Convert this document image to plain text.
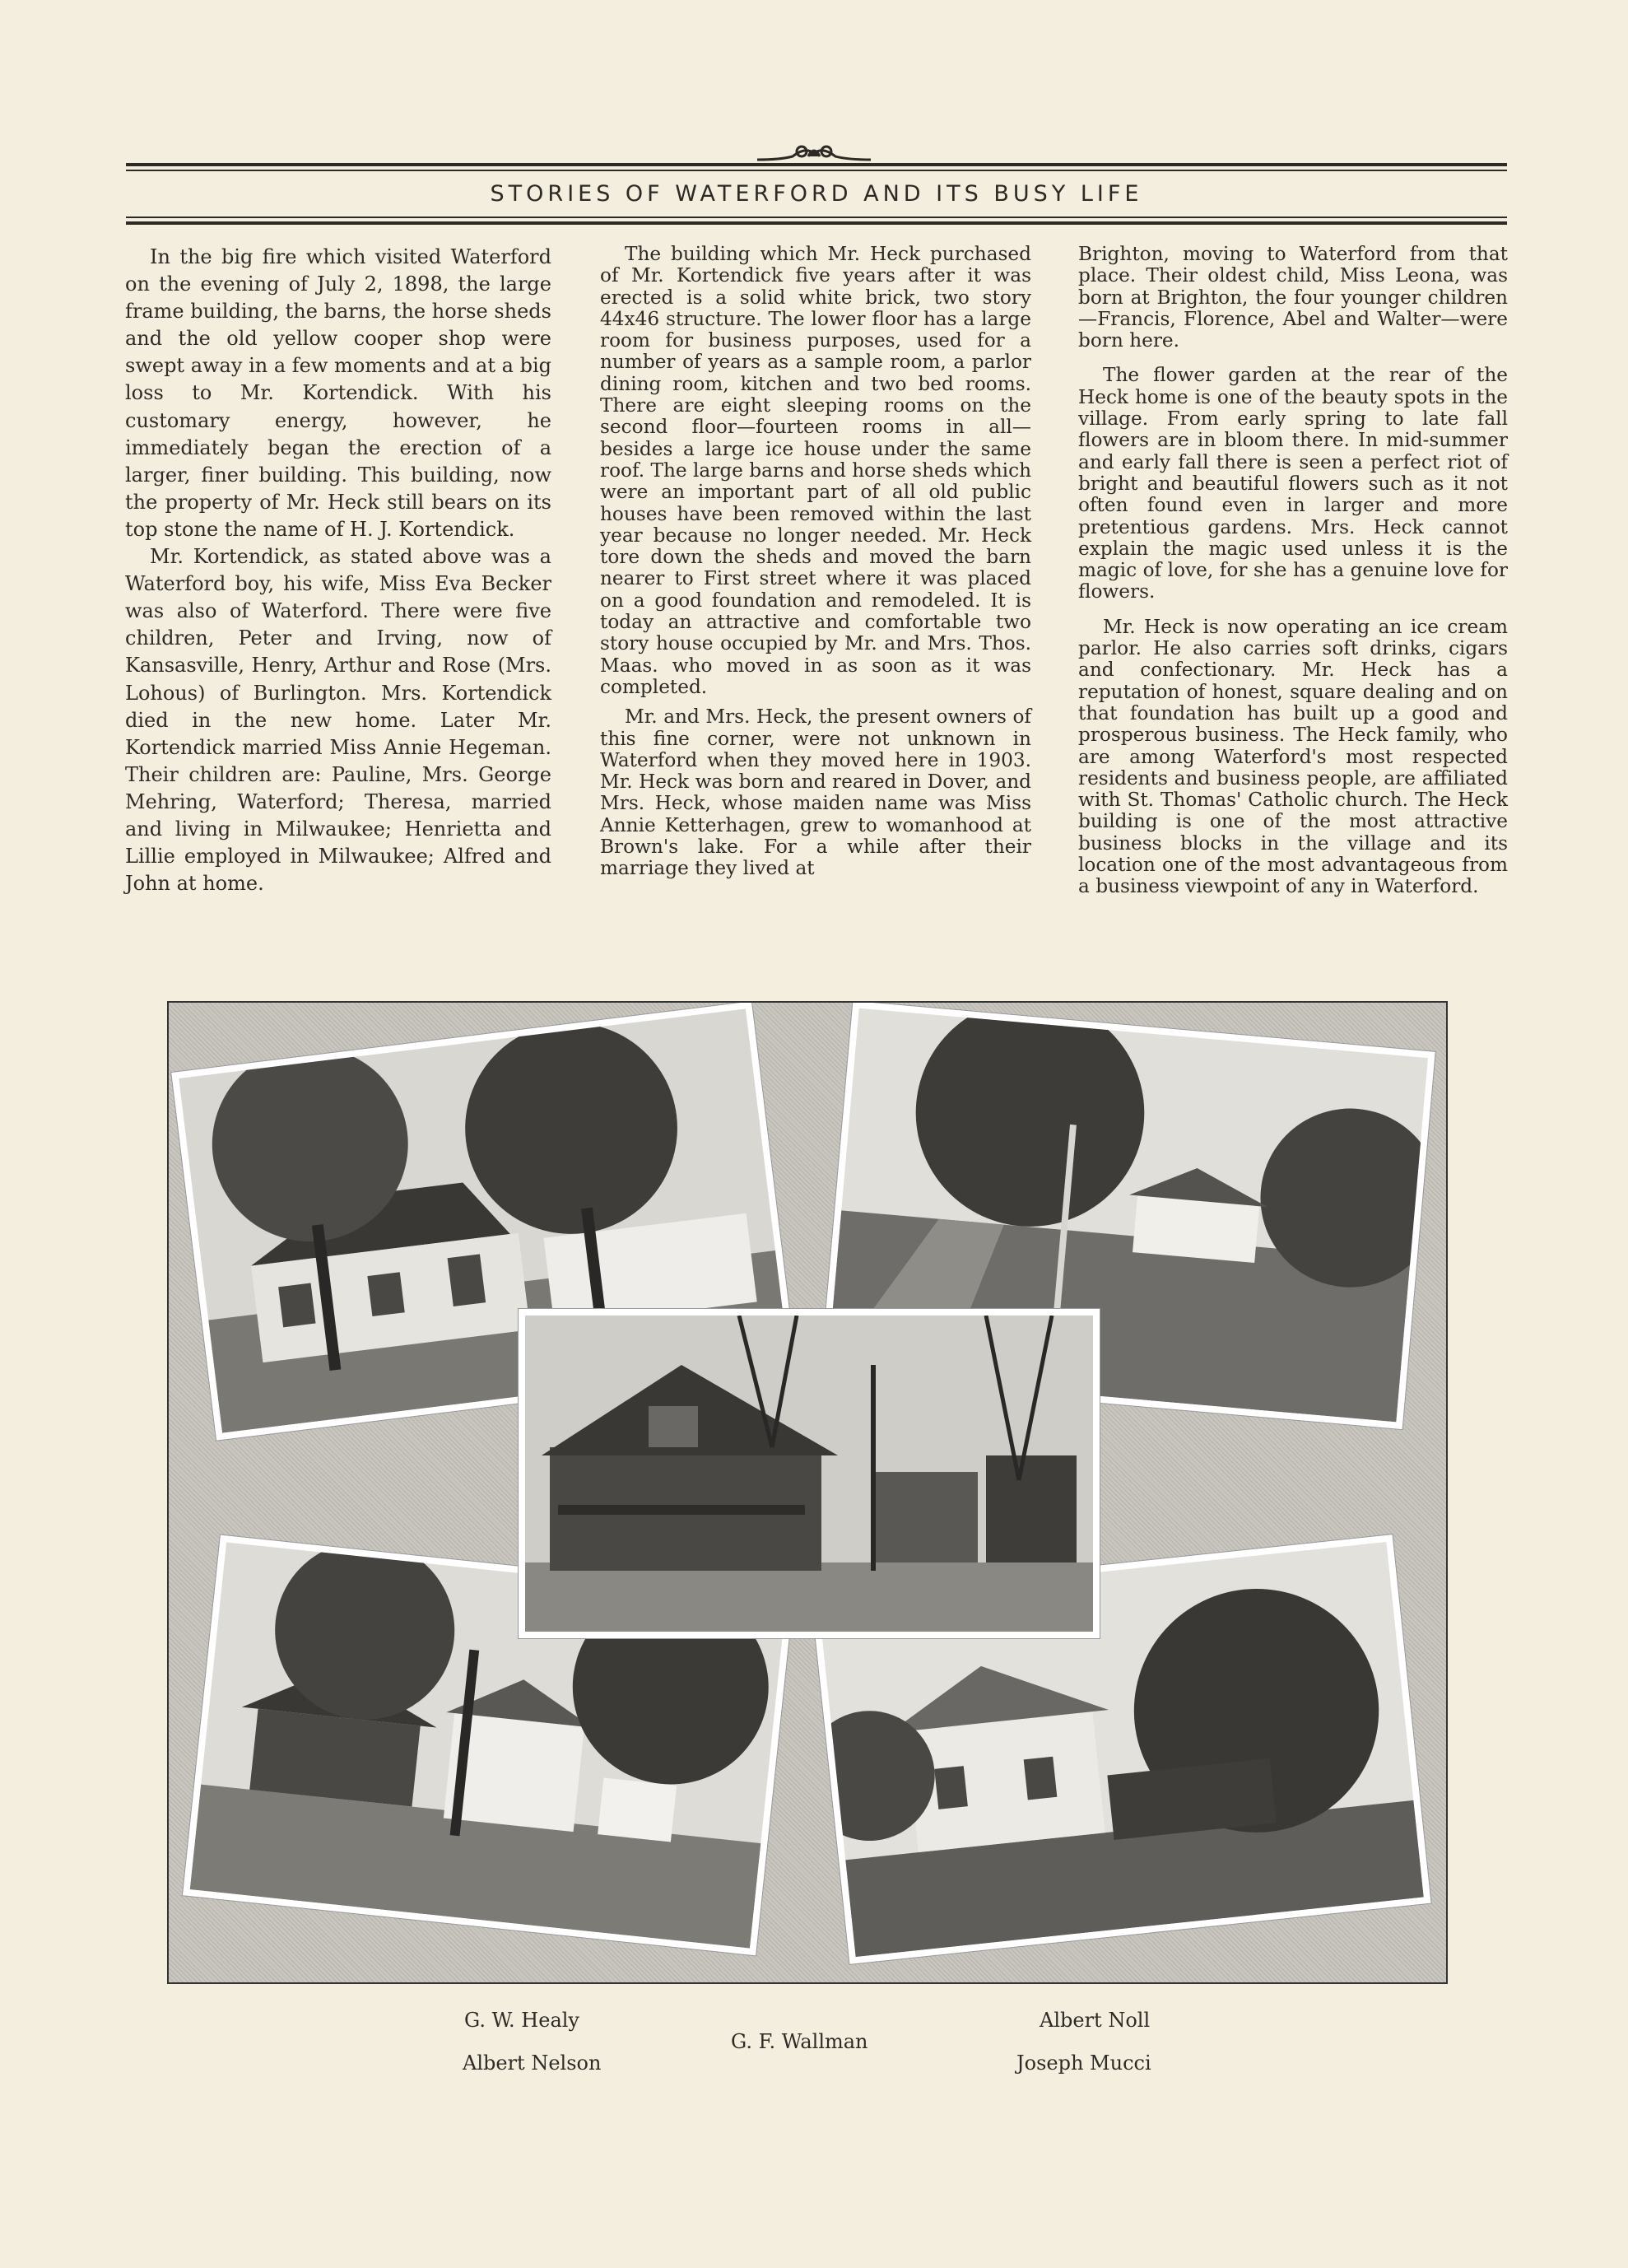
STORIES OF WATERFORD AND ITS BUSY LIFE

In the big fire which visited Waterford on the evening of July 2, 1898, the large frame building, the barns, the horse sheds and the old yellow cooper shop were swept away in a few moments and at a big loss to Mr. Kortendick. With his customary energy, however, he immediately began the erection of a larger, finer building. This building, now the property of Mr. Heck still bears on its top stone the name of H. J. Kortendick.

Mr. Kortendick, as stated above was a Waterford boy, his wife, Miss Eva Becker was also of Waterford. There were five children, Peter and Irving, now of Kansasville, Henry, Arthur and Rose (Mrs. Lohous) of Burlington. Mrs. Kortendick died in the new home. Later Mr. Kortendick married Miss Annie Hegeman. Their children are: Pauline, Mrs. George Mehring, Waterford; Theresa, married and living in Milwaukee; Henrietta and Lillie employed in Milwaukee; Alfred and John at home.

The building which Mr. Heck purchased of Mr. Kortendick five years after it was erected is a solid white brick, two story 44x46 structure. The lower floor has a large room for business purposes, used for a number of years as a sample room, a parlor dining room, kitchen and two bed rooms. There are eight sleeping rooms on the second floor—fourteen rooms in all—besides a large ice house under the same roof. The large barns and horse sheds which were an important part of all old public houses have been removed within the last year because no longer needed. Mr. Heck tore down the sheds and moved the barn nearer to First street where it was placed on a good foundation and remodeled. It is today an attractive and comfortable two story house occupied by Mr. and Mrs. Thos. Maas. who moved in as soon as it was completed.

Mr. and Mrs. Heck, the present owners of this fine corner, were not unknown in Waterford when they moved here in 1903. Mr. Heck was born and reared in Dover, and Mrs. Heck, whose maiden name was Miss Annie Ketterhagen, grew to womanhood at Brown's lake. For a while after their marriage they lived at

Brighton, moving to Waterford from that place. Their oldest child, Miss Leona, was born at Brighton, the four younger children—Francis, Florence, Abel and Walter—were born here.

The flower garden at the rear of the Heck home is one of the beauty spots in the village. From early spring to late fall flowers are in bloom there. In mid-summer and early fall there is seen a perfect riot of bright and beautiful flowers such as it not often found even in larger and more pretentious gardens. Mrs. Heck cannot explain the magic used unless it is the magic of love, for she has a genuine love for flowers.

Mr. Heck is now operating an ice cream parlor. He also carries soft drinks, cigars and confectionary. Mr. Heck has a reputation of honest, square dealing and on that foundation has built up a good and prosperous business. The Heck family, who are among Waterford's most respected residents and business people, are affiliated with St. Thomas' Catholic church. The Heck building is one of the most attractive business blocks in the village and its location one of the most advantageous from a business viewpoint of any in Waterford.

G. W. Healy
Albert Nelson
G. F. Wallman
Albert Noll
Joseph Mucci
